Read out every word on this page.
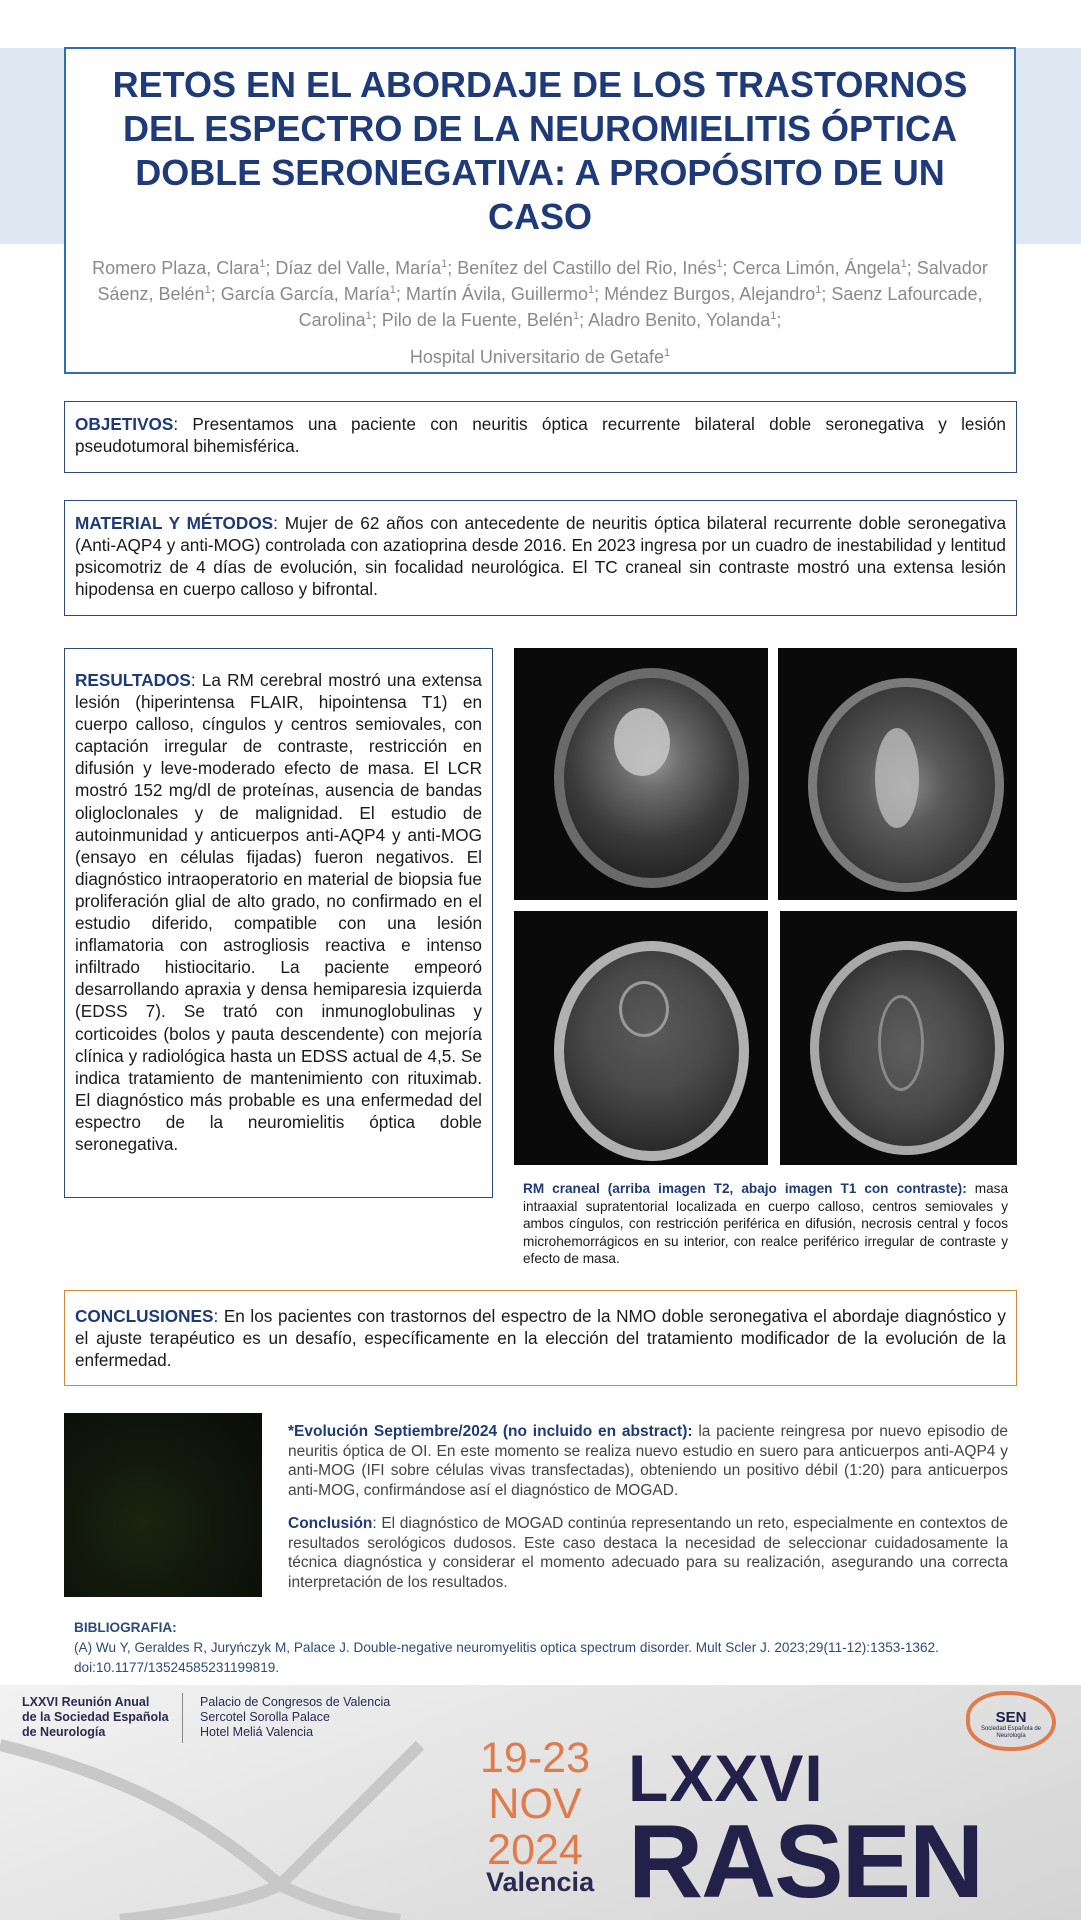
RETOS EN EL ABORDAJE DE LOS TRASTORNOS DEL ESPECTRO DE LA NEUROMIELITIS ÓPTICA DOBLE SERONEGATIVA: A PROPÓSITO DE UN CASO
Romero Plaza, Clara$^1$; Díaz del Valle, María$^1$; Benítez del Castillo del Rio, Inés$^1$; Cerca Limón, Ángela$^1$; Salvador Sáenz, Belén$^1$; García García, María$^1$; Martín Ávila, Guillermo$^1$; Méndez Burgos, Alejandro$^1$; Saenz Lafourcade, Carolina$^1$; Pilo de la Fuente, Belén$^1$; Aladro Benito, Yolanda$^1$;
Hospital Universitario de Getafe$^1$
OBJETIVOS: Presentamos una paciente con neuritis óptica recurrente bilateral doble seronegativa y lesión pseudotumoral bihemisférica.
MATERIAL Y MÉTODOS: Mujer de 62 años con antecedente de neuritis óptica bilateral recurrente doble seronegativa (Anti-AQP4 y anti-MOG) controlada con azatioprina desde 2016. En 2023 ingresa por un cuadro de inestabilidad y lentitud psicomotriz de 4 días de evolución, sin focalidad neurológica. El TC craneal sin contraste mostró una extensa lesión hipodensa en cuerpo calloso y bifrontal.
RESULTADOS: La RM cerebral mostró una extensa lesión (hiperintensa FLAIR, hipointensa T1) en cuerpo calloso, cíngulos y centros semiovales, con captación irregular de contraste, restricción en difusión y leve-moderado efecto de masa. El LCR mostró 152 mg/dl de proteínas, ausencia de bandas oligloclonales y de malignidad. El estudio de autoinmunidad y anticuerpos anti-AQP4 y anti-MOG (ensayo en células fijadas) fueron negativos. El diagnóstico intraoperatorio en material de biopsia fue proliferación glial de alto grado, no confirmado en el estudio diferido, compatible con una lesión inflamatoria con astrogliosis reactiva e intenso infiltrado histiocitario. La paciente empeoró desarrollando apraxia y densa hemiparesia izquierda (EDSS 7). Se trató con inmunoglobulinas y corticoides (bolos y pauta descendente) con mejoría clínica y radiológica hasta un EDSS actual de 4,5. Se indica tratamiento de mantenimiento con rituximab. El diagnóstico más probable es una enfermedad del espectro de la neuromielitis óptica doble seronegativa.
RM craneal (arriba imagen T2, abajo imagen T1 con contraste): masa intraaxial supratentorial localizada en cuerpo calloso, centros semiovales y ambos cíngulos, con restricción periférica en difusión, necrosis central y focos microhemorrágicos en su interior, con realce periférico irregular de contraste y efecto de masa.
CONCLUSIONES: En los pacientes con trastornos del espectro de la NMO doble seronegativa el abordaje diagnóstico y el ajuste terapéutico es un desafío, específicamente en la elección del tratamiento modificador de la evolución de la enfermedad.

*Evolución Septiembre/2024 (no incluido en abstract): la paciente reingresa por nuevo episodio de neuritis óptica de OI. En este momento se realiza nuevo estudio en suero para anticuerpos anti-AQP4 y anti-MOG (IFI sobre células vivas transfectadas), obteniendo un positivo débil (1:20) para anticuerpos anti-MOG, confirmándose así el diagnóstico de MOGAD.

Conclusión: El diagnóstico de MOGAD continúa representando un reto, especialmente en contextos de resultados serológicos dudosos. Este caso destaca la necesidad de seleccionar cuidadosamente la técnica diagnóstica y considerar el momento adecuado para su realización, asegurando una correcta interpretación de los resultados.

BIBLIOGRAFIA:
(A) Wu Y, Geraldes R, Juryńczyk M, Palace J. Double-negative neuromyelitis optica spectrum disorder. Mult Scler J. 2023;29(11-12):1353-1362. doi:10.1177/13524585231199819.
LXXVI Reunión Anual
de la Sociedad Española
de Neurología
Palacio de Congresos de Valencia
Sercotel Sorolla Palace
Hotel Meliá Valencia
19-23
NOV
2024
Valencia
LXXVI
RASEN
SEN
Sociedad Española de Neurología
